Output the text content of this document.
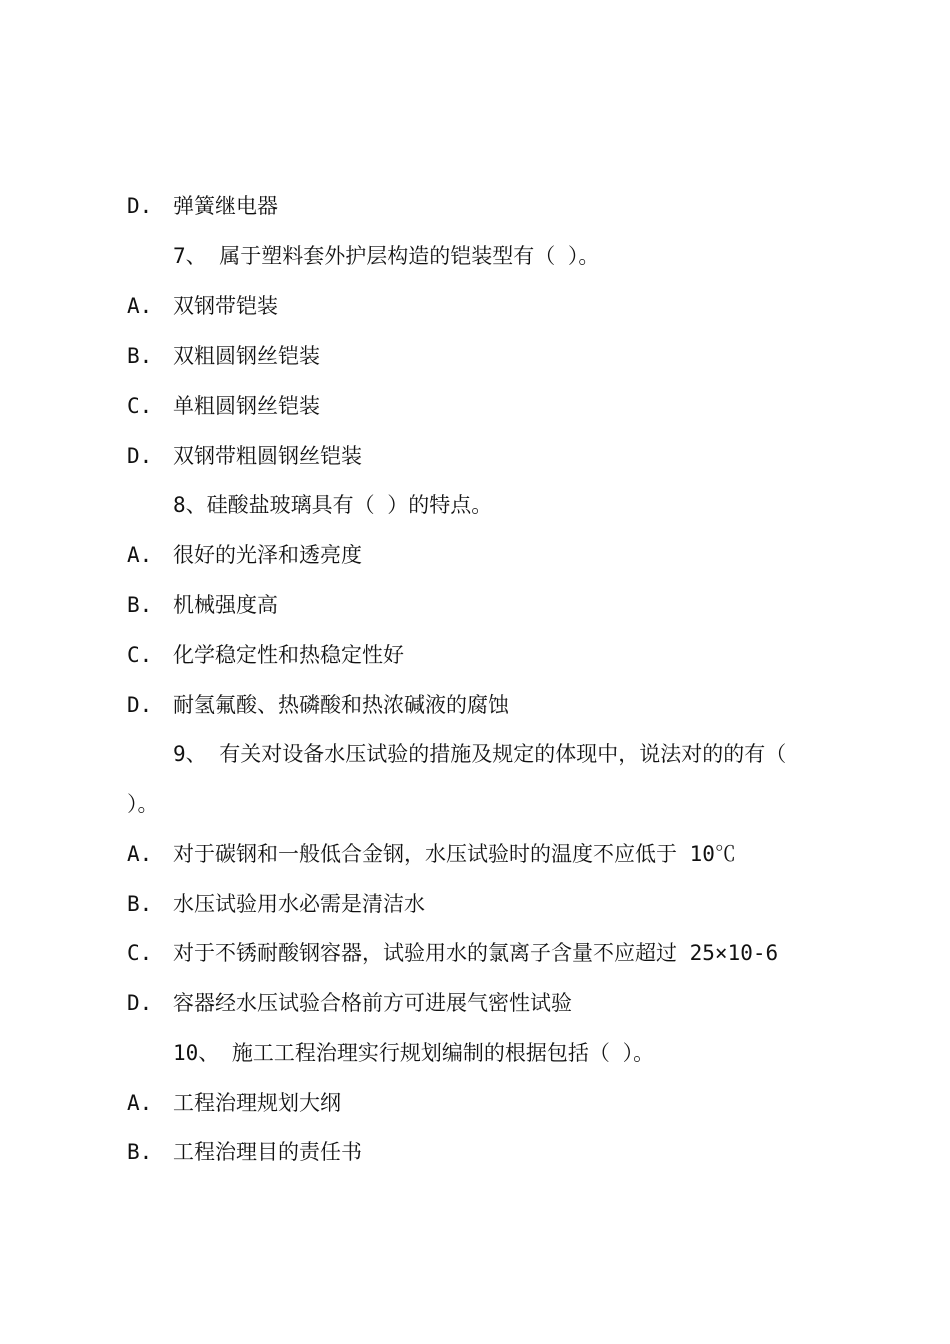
D. 弹簧继电器
7、 属于塑料套外护层构造的铠装型有（ ）。
A. 双钢带铠装
B. 双粗圆钢丝铠装
C. 单粗圆钢丝铠装
D. 双钢带粗圆钢丝铠装
8、硅酸盐玻璃具有（ ）的特点。
A. 很好的光泽和透亮度
B. 机械强度高
C. 化学稳定性和热稳定性好
D. 耐氢氟酸、热磷酸和热浓碱液的腐蚀
9、 有关对设备水压试验的措施及规定的体现中，说法对的的有（
）。
A. 对于碳钢和一般低合金钢，水压试验时的温度不应低于 10℃
B. 水压试验用水必需是清洁水
C. 对于不锈耐酸钢容器，试验用水的氯离子含量不应超过 25×10-6
D. 容器经水压试验合格前方可进展气密性试验
10、 施工工程治理实行规划编制的根据包括（ ）。
A. 工程治理规划大纲
B. 工程治理目的责任书
